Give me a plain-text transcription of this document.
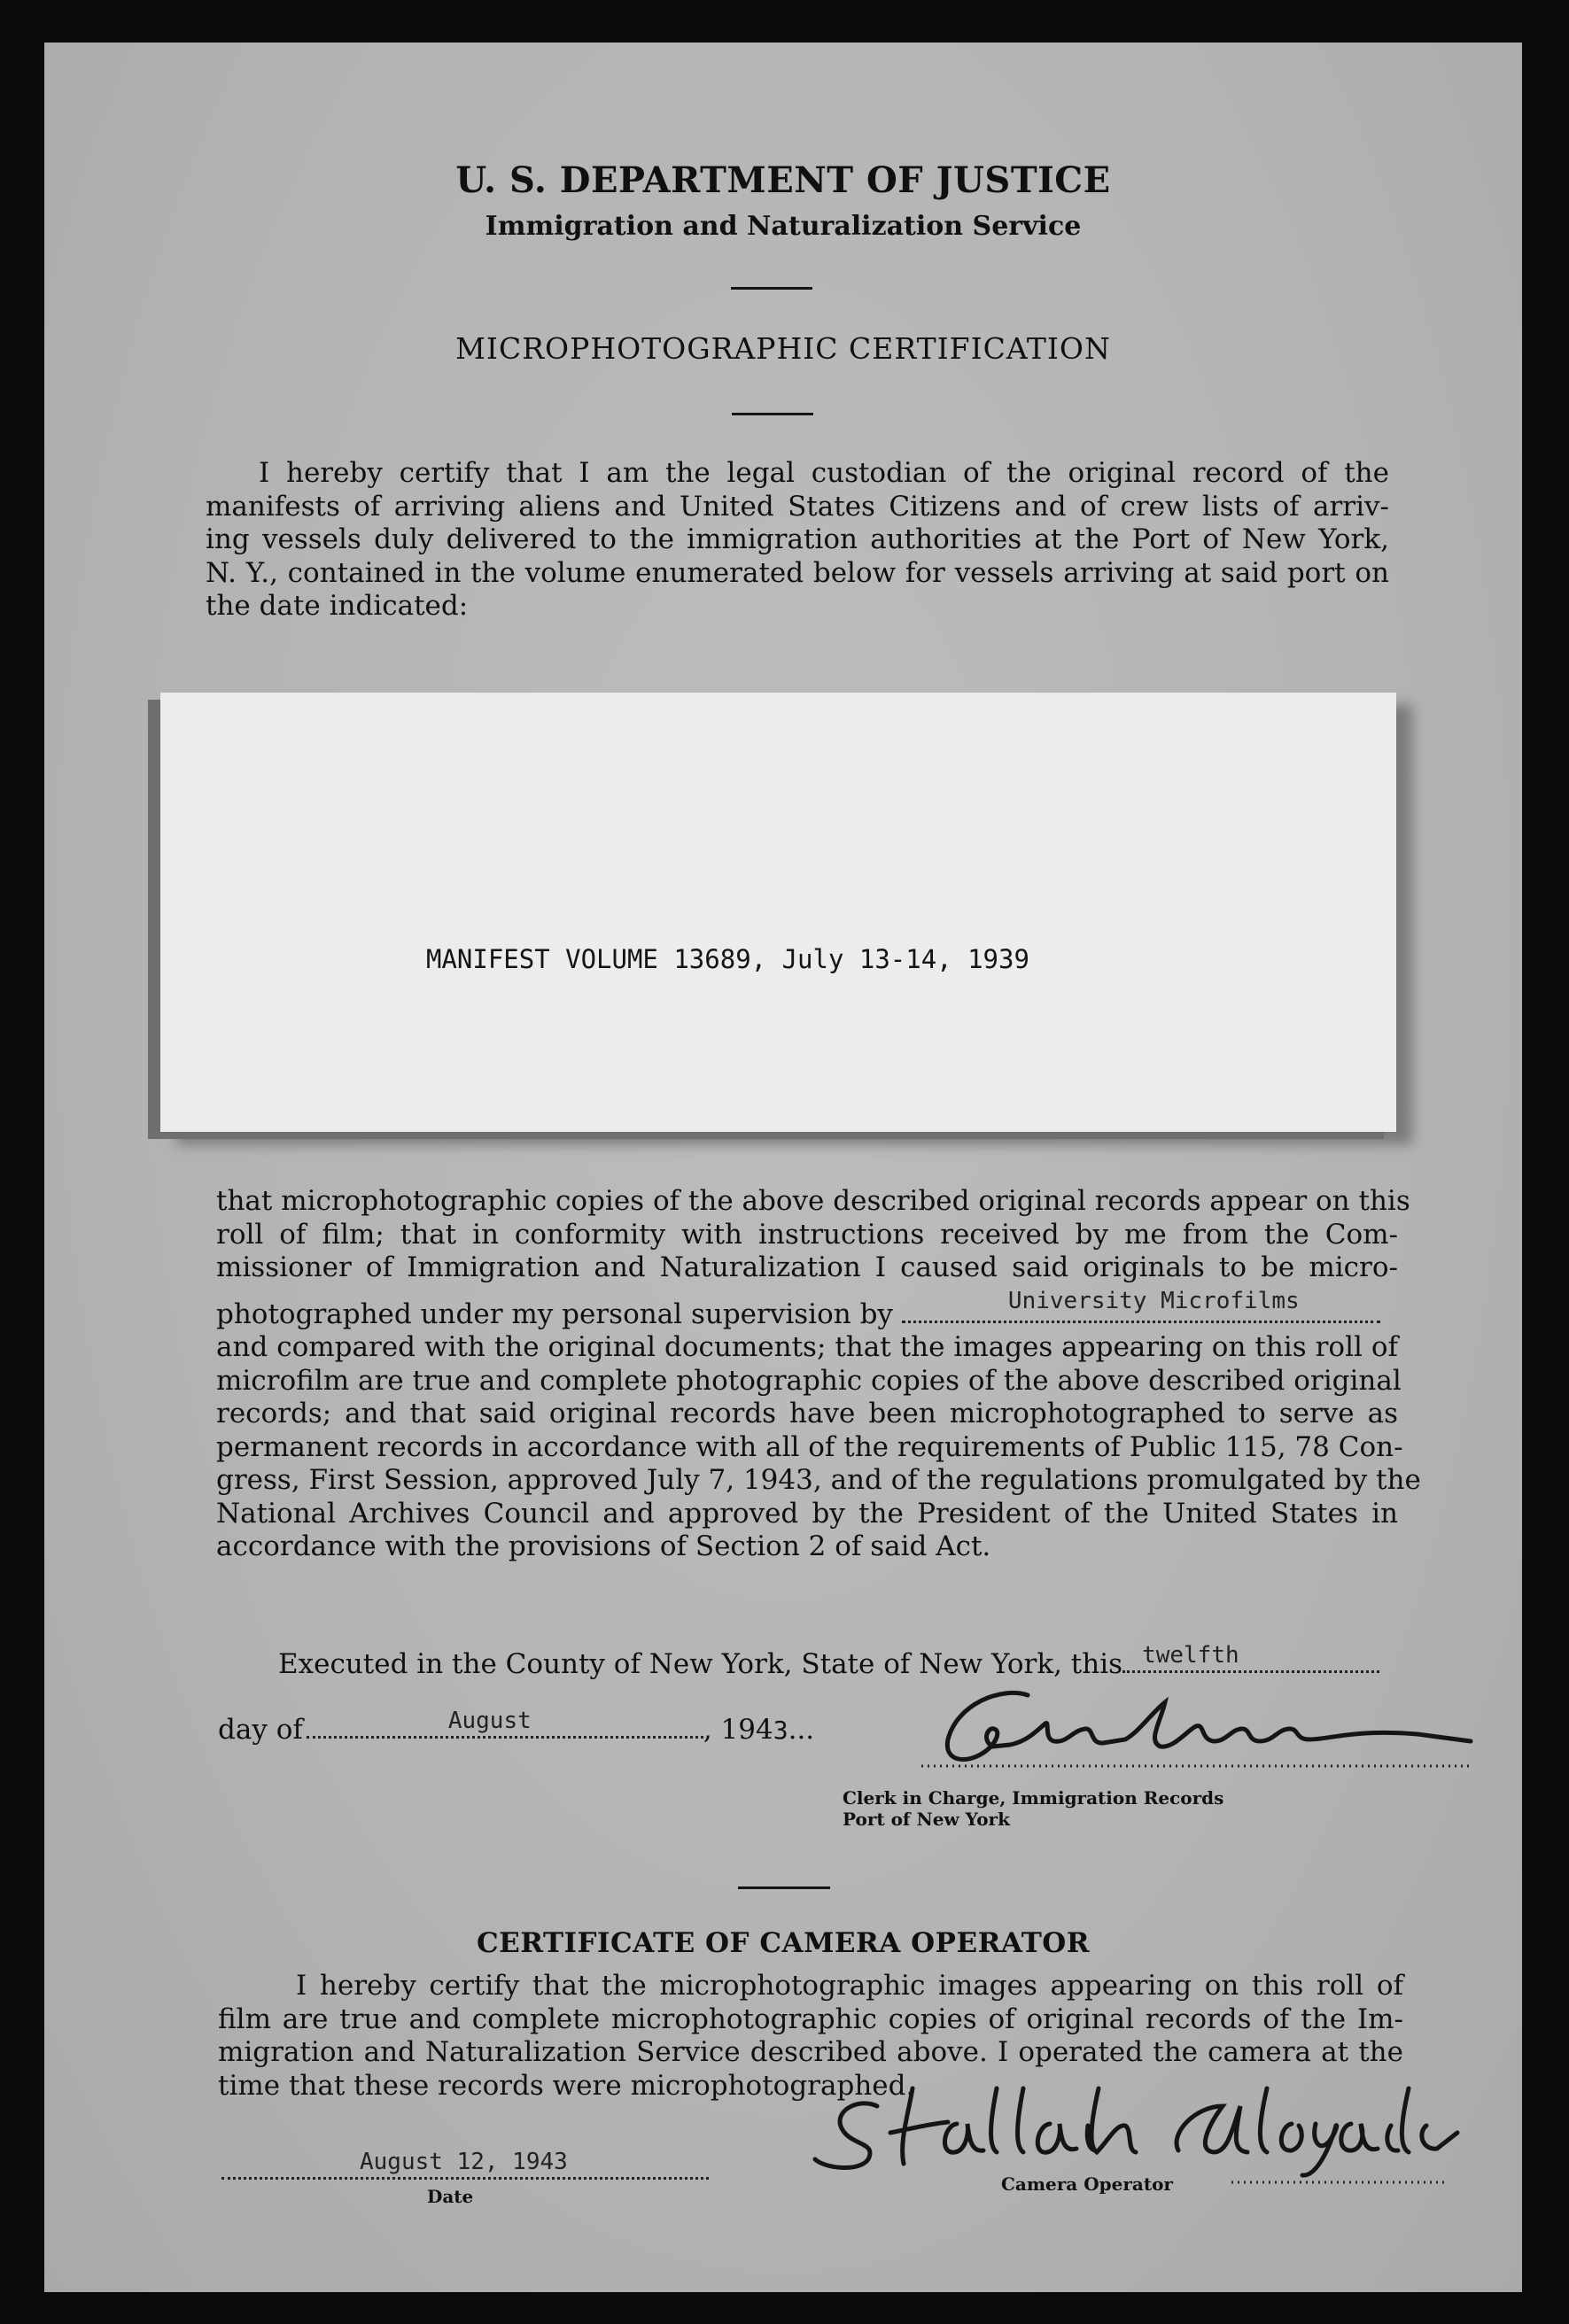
U. S. DEPARTMENT OF JUSTICE
Immigration and Naturalization Service
MICROPHOTOGRAPHIC CERTIFICATION
I hereby certify that I am the legal custodian of the original record of the
manifests of arriving aliens and United States Citizens and of crew lists of arriv-
ing vessels duly delivered to the immigration authorities at the Port of New York,
N. Y., contained in the volume enumerated below for vessels arriving at said port on
the date indicated:
MANIFEST VOLUME 13689, July 13-14, 1939
that microphotographic copies of the above described original records appear on this
roll of film; that in conformity with instructions received by me from the Com-
missioner of Immigration and Naturalization I caused said originals to be micro-
photographed under my personal supervision by	University Microfilms
and compared with the original documents; that the images appearing on this roll of
microfilm are true and complete photographic copies of the above described original
records; and that said original records have been microphotographed to serve as
permanent records in accordance with all of the requirements of Public 115, 78 Con-
gress, First Session, approved July 7, 1943, and of the regulations promulgated by the
National Archives Council and approved by the President of the United States in
accordance with the provisions of Section 2 of said Act.
Executed in the County of New York, State of New York, this twelfth
day of	August	, 1943...
Clerk in Charge, Immigration Records
Port of New York
CERTIFICATE OF CAMERA OPERATOR
I hereby certify that the microphotographic images appearing on this roll of
film are true and complete microphotographic copies of original records of the Im-
migration and Naturalization Service described above. I operated the camera at the
time that these records were microphotographed.
August 12, 1943
Date
Camera Operator
